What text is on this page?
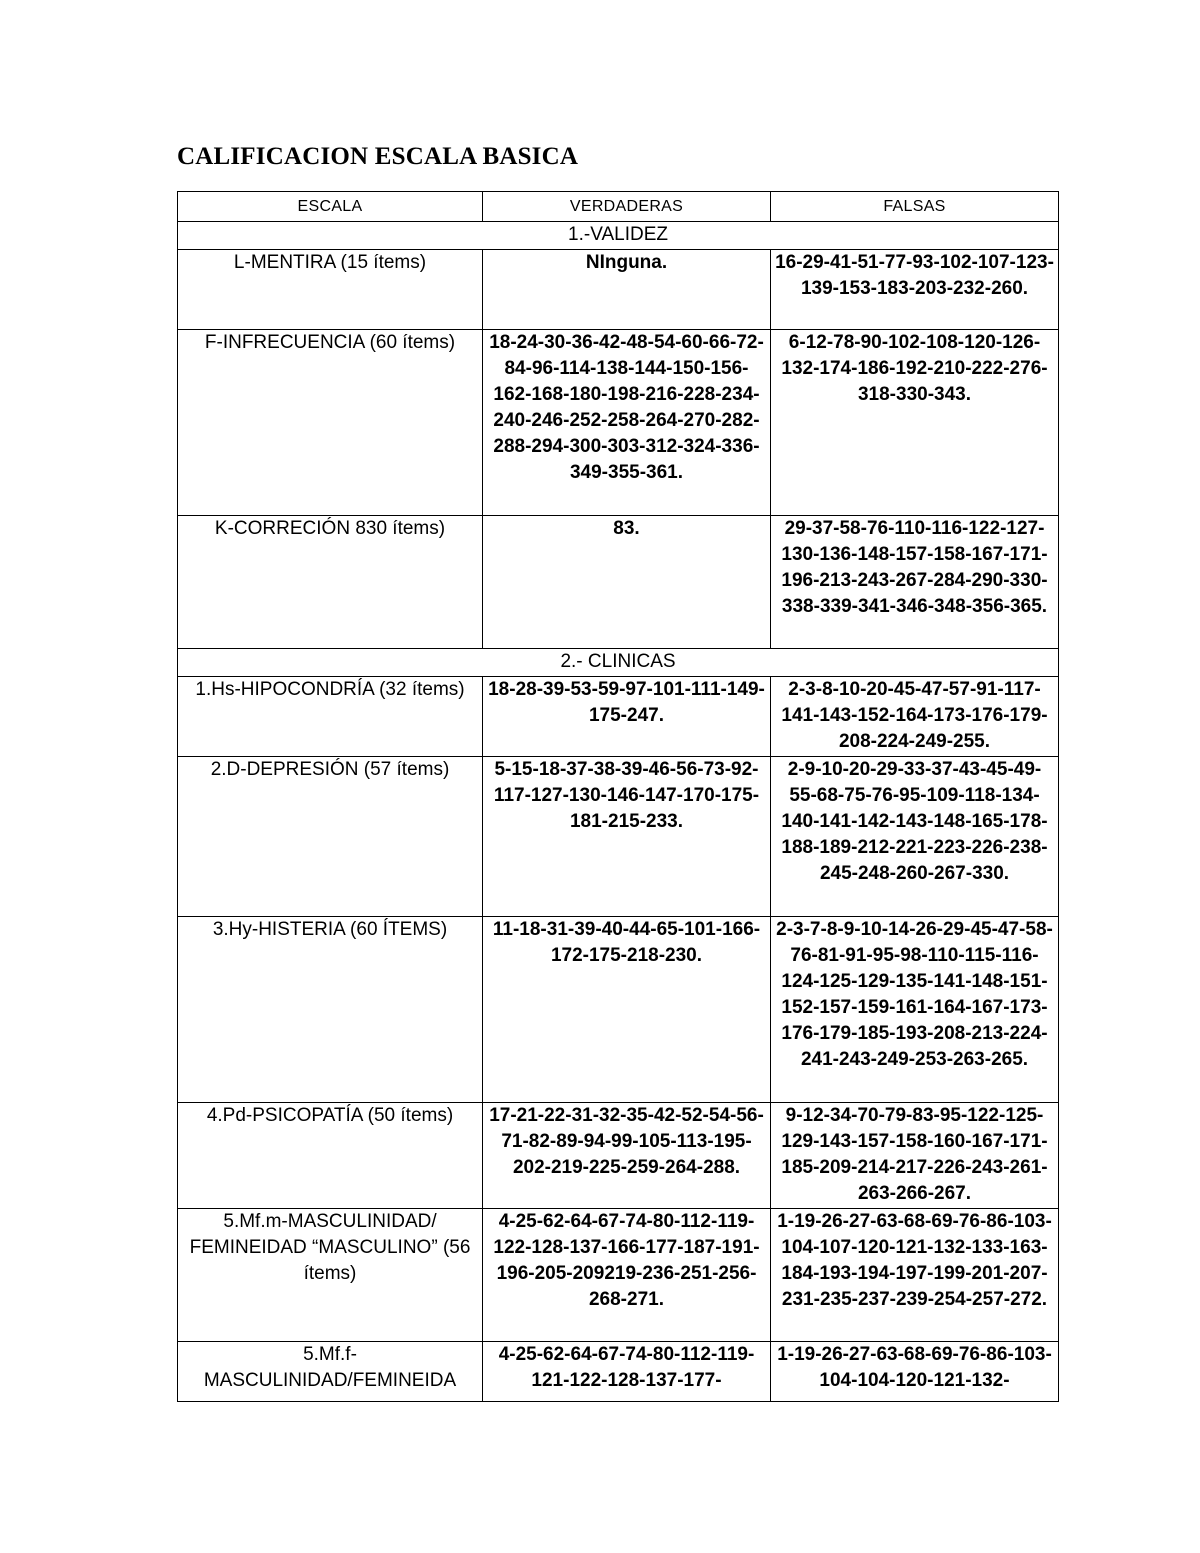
CALIFICACION ESCALA BASICA
ESCALA	VERDADERAS	FALSAS
1.-VALIDEZ		
L-MENTIRA (15 ítems)	NInguna.	16-29-41-51-77-93-102-107-123-139-153-183-203-232-260.
F-INFRECUENCIA (60 ítems)	18-24-30-36-42-48-54-60-66-72-84-96-114-138-144-150-156-162-168-180-198-216-228-234-240-246-252-258-264-270-282-288-294-300-303-312-324-336-349-355-361.	6-12-78-90-102-108-120-126-132-174-186-192-210-222-276-318-330-343.
K-CORRECIÓN 830 ítems)	83.	29-37-58-76-110-116-122-127-130-136-148-157-158-167-171-196-213-243-267-284-290-330-338-339-341-346-348-356-365.
2.- CLINICAS		
1.Hs-HIPOCONDRÍA (32 ítems)	18-28-39-53-59-97-101-111-149-175-247.	2-3-8-10-20-45-47-57-91-117-141-143-152-164-173-176-179-208-224-249-255.
2.D-DEPRESIÓN (57 ítems)	5-15-18-37-38-39-46-56-73-92-117-127-130-146-147-170-175-181-215-233.	2-9-10-20-29-33-37-43-45-49-55-68-75-76-95-109-118-134-140-141-142-143-148-165-178-188-189-212-221-223-226-238-245-248-260-267-330.
3.Hy-HISTERIA (60 ÍTEMS)	11-18-31-39-40-44-65-101-166-172-175-218-230.	2-3-7-8-9-10-14-26-29-45-47-58-76-81-91-95-98-110-115-116-124-125-129-135-141-148-151-152-157-159-161-164-167-173-176-179-185-193-208-213-224-241-243-249-253-263-265.
4.Pd-PSICOPATÍA (50 ítems)	17-21-22-31-32-35-42-52-54-56-71-82-89-94-99-105-113-195-202-219-225-259-264-288.	9-12-34-70-79-83-95-122-125-129-143-157-158-160-167-171-185-209-214-217-226-243-261-263-266-267.
5.Mf.m-MASCULINIDAD/ FEMINEIDAD “MASCULINO” (56 ítems)	4-25-62-64-67-74-80-112-119-122-128-137-166-177-187-191-196-205-209219-236-251-256-268-271.	1-19-26-27-63-68-69-76-86-103-104-107-120-121-132-133-163-184-193-194-197-199-201-207-231-235-237-239-254-257-272.
5.Mf.f-MASCULINIDAD/FEMINEIDA	4-25-62-64-67-74-80-112-119-121-122-128-137-177-	1-19-26-27-63-68-69-76-86-103-104-104-120-121-132-
